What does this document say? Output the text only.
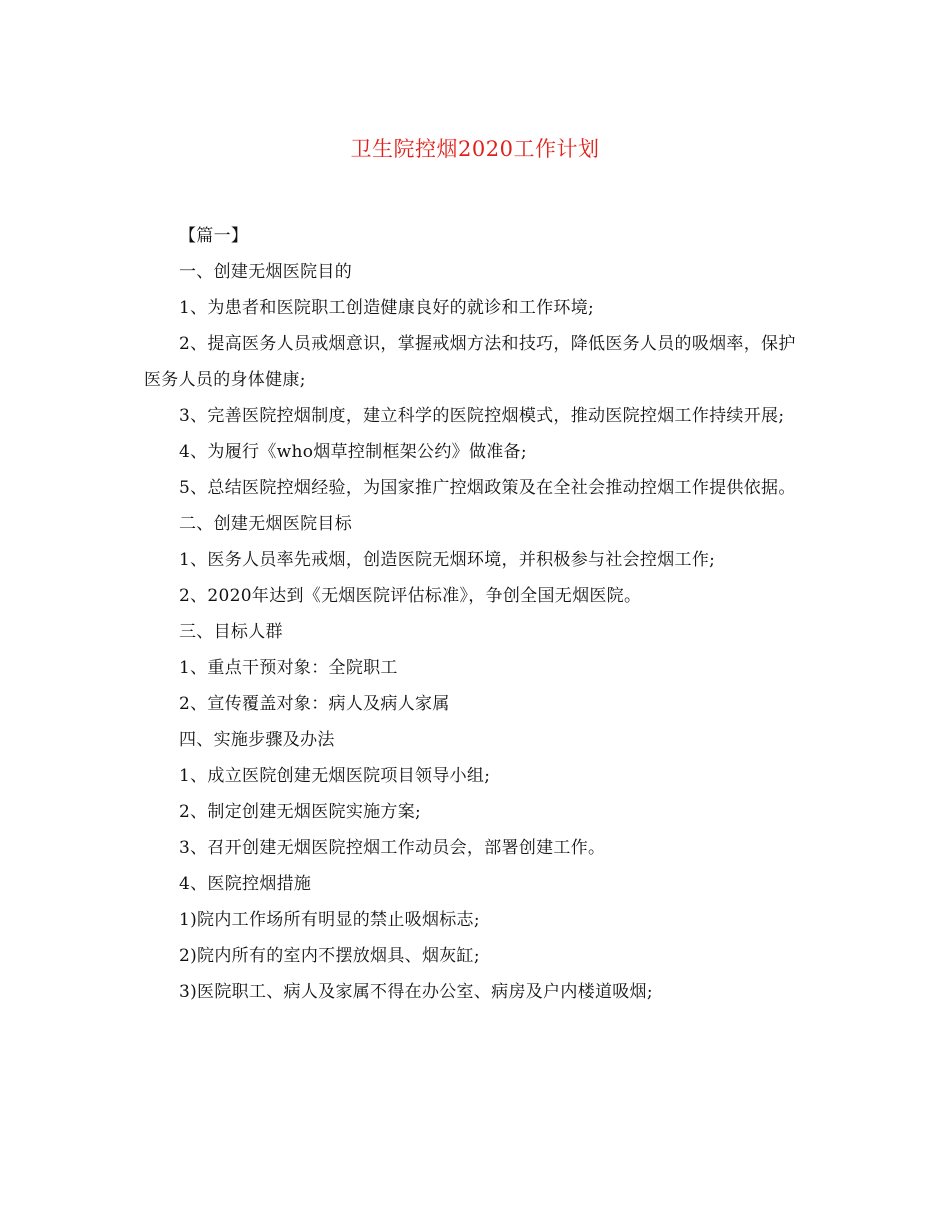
卫生院控烟2020工作计划

【篇一】

一、创建无烟医院目的

1、为患者和医院职工创造健康良好的就诊和工作环境;

2、提高医务人员戒烟意识，掌握戒烟方法和技巧，降低医务人员的吸烟率，保护医务人员的身体健康;

3、完善医院控烟制度，建立科学的医院控烟模式，推动医院控烟工作持续开展;

4、为履行《who烟草控制框架公约》做准备;

5、总结医院控烟经验，为国家推广控烟政策及在全社会推动控烟工作提供依据。

二、创建无烟医院目标

1、医务人员率先戒烟，创造医院无烟环境，并积极参与社会控烟工作;

2、2020年达到《无烟医院评估标准》，争创全国无烟医院。

三、目标人群

1、重点干预对象：全院职工

2、宣传覆盖对象：病人及病人家属

四、实施步骤及办法

1、成立医院创建无烟医院项目领导小组;

2、制定创建无烟医院实施方案;

3、召开创建无烟医院控烟工作动员会，部署创建工作。

4、医院控烟措施

1)院内工作场所有明显的禁止吸烟标志;

2)院内所有的室内不摆放烟具、烟灰缸;

3)医院职工、病人及家属不得在办公室、病房及户内楼道吸烟;
